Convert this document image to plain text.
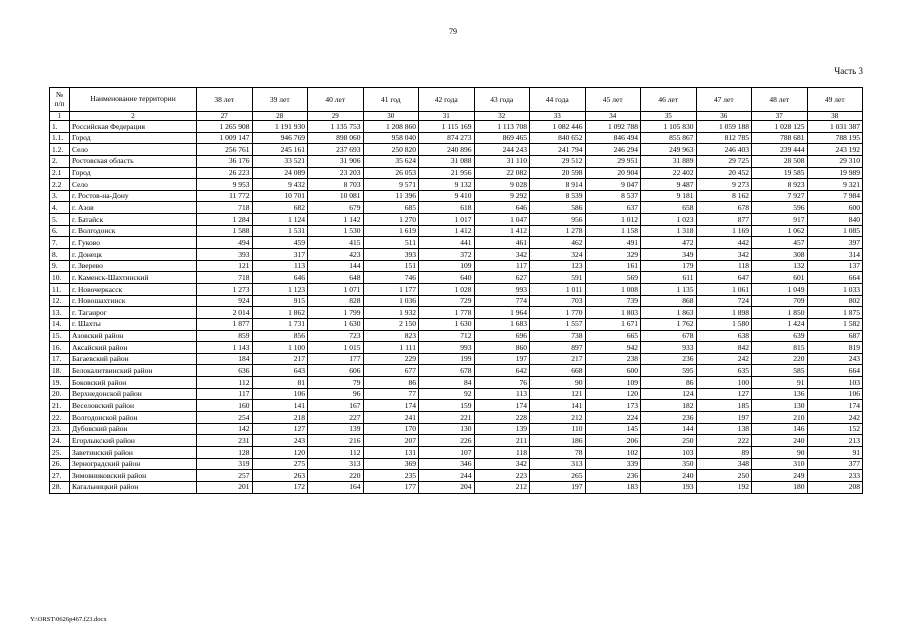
79
Часть 3
№ п/п	Наименование территории	38 лет	39 лет	40 лет	41 год	42 года	43 года	44 года	45 лет	46 лет	47 лет	48 лет	49 лет
1	2	27	28	29	30	31	32	33	34	35	36	37	38
1.	Российская Федерация	1 265 908	1 191 930	1 135 753	1 208 860	1 115 169	1 113 708	1 082 446	1 092 788	1 105 830	1 059 188	1 028 125	1 031 387
1.1.	Город	1 009 147	946 769	898 060	958 040	874 273	869 465	840 652	846 494	855 867	812 785	788 681	788 195
1.2.	Село	256 761	245 161	237 693	250 820	240 896	244 243	241 794	246 294	249 963	246 403	239 444	243 192
2.	Ростовская область	36 176	33 521	31 906	35 624	31 088	31 110	29 512	29 951	31 889	29 725	28 508	29 310
2.1	Город	26 223	24 089	23 203	26 053	21 956	22 082	20 598	20 904	22 402	20 452	19 585	19 989
2.2	Село	9 953	9 432	8 703	9 571	9 132	9 028	8 914	9 047	9 487	9 273	8 923	9 321
3.	г. Ростов-на-Дону	11 772	10 701	10 081	11 396	9 410	9 292	8 539	8 537	9 181	8 162	7 927	7 984
4.	г. Азов	718	682	679	685	618	646	586	637	658	678	596	600
5.	г. Батайск	1 284	1 124	1 142	1 270	1 017	1 047	956	1 012	1 023	877	917	840
6.	г. Волгодонск	1 588	1 531	1 530	1 619	1 412	1 412	1 278	1 158	1 318	1 169	1 062	1 085
7.	г. Гуково	494	459	415	511	441	461	462	491	472	442	457	397
8.	г. Донецк	393	317	423	393	372	342	324	329	349	342	308	314
9.	г. Зверево	121	113	144	151	109	117	123	161	179	118	132	137
10.	г. Каменск-Шахтинский	718	646	648	746	640	627	591	569	611	647	601	664
11.	г. Новочеркасск	1 273	1 123	1 071	1 177	1 028	993	1 011	1 008	1 135	1 061	1 049	1 033
12.	г. Новошахтинск	924	915	828	1 036	729	774	703	739	868	724	709	802
13.	г. Таганрог	2 014	1 862	1 799	1 932	1 778	1 964	1 770	1 803	1 863	1 898	1 850	1 875
14.	г. Шахты	1 877	1 731	1 630	2 150	1 630	1 683	1 557	1 671	1 762	1 580	1 424	1 582
15.	Азовский район	859	856	723	823	712	696	738	665	678	638	639	687
16.	Аксайский район	1 143	1 100	1 015	1 111	993	860	897	942	933	842	815	819
17.	Багаевский район	184	217	177	229	199	197	217	238	236	242	220	243
18.	Белокалитвинский район	636	643	606	677	678	642	668	600	595	635	585	664
19.	Боковский район	112	81	79	86	84	76	90	109	86	100	91	103
20.	Верхнедонской район	117	106	96	77	92	113	121	120	124	127	136	106
21.	Веселовский район	160	141	167	174	159	174	141	173	182	185	130	174
22.	Волгодонской район	254	218	227	241	221	228	212	224	236	197	210	242
23.	Дубовский район	142	127	139	170	130	139	110	145	144	138	146	152
24.	Егорлыкский район	231	243	216	207	226	211	186	206	250	222	240	213
25.	Заветинский район	128	120	112	131	107	118	78	102	103	89	90	91
26.	Зерноградский район	319	275	313	369	346	342	313	339	350	348	310	377
27.	Зимовниковский район	257	263	220	235	244	223	265	236	240	250	249	233
28.	Кагальницкий район	201	172	164	177	204	212	197	183	193	192	180	208
Y:\ORST\0626p467.f23.docx
